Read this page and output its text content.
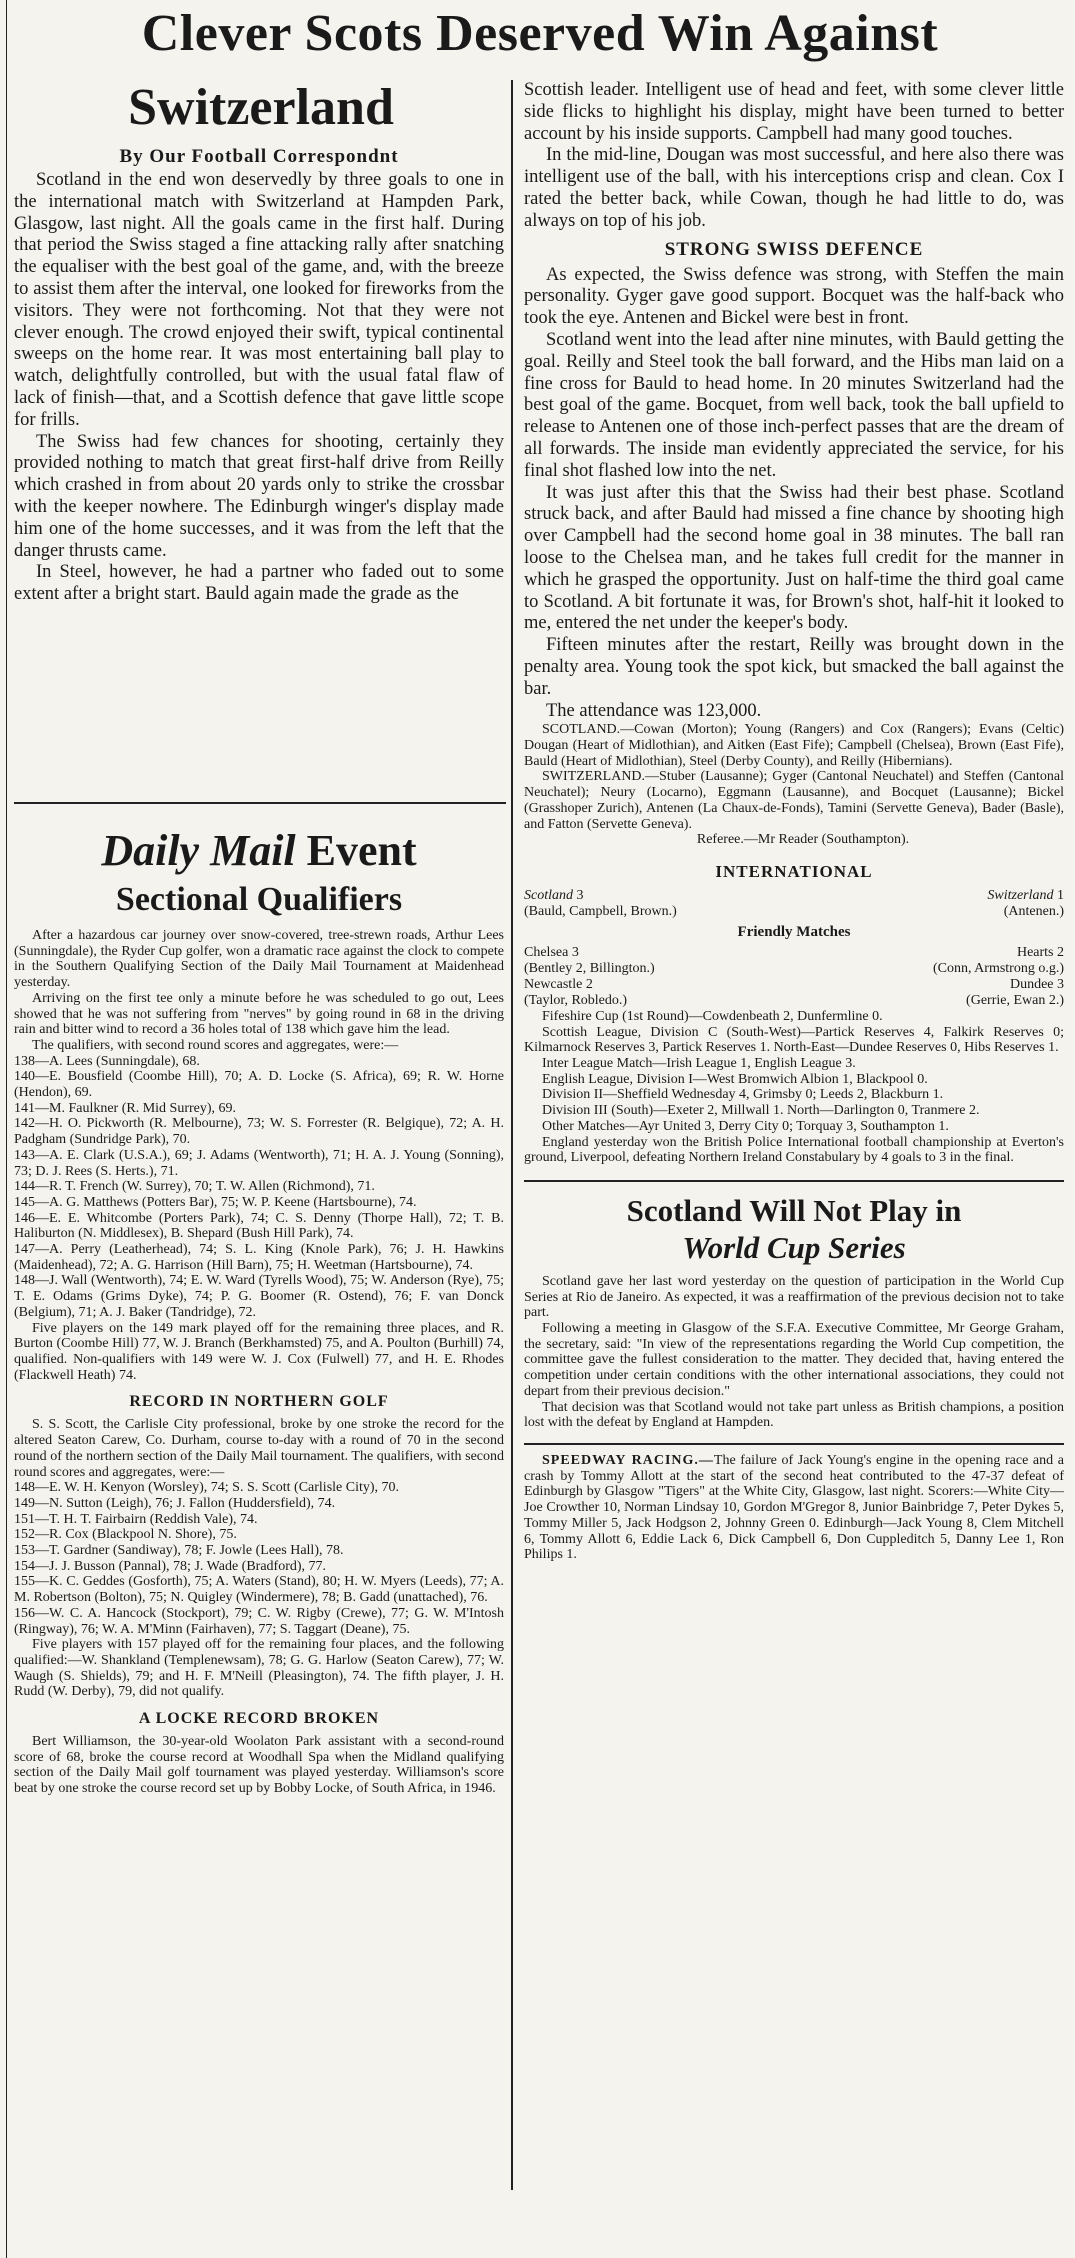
Clever Scots Deserved Win Against
Switzerland

By Our Football Correspondnt

Scotland in the end won deservedly by three goals to one in the international match with Switzerland at Hampden Park, Glasgow, last night. All the goals came in the first half. During that period the Swiss staged a fine attacking rally after snatching the equaliser with the best goal of the game, and, with the breeze to assist them after the interval, one looked for fireworks from the visitors. They were not forthcoming. Not that they were not clever enough. The crowd enjoyed their swift, typical continental sweeps on the home rear. It was most entertaining ball play to watch, delightfully controlled, but with the usual fatal flaw of lack of finish—that, and a Scottish defence that gave little scope for frills.

The Swiss had few chances for shooting, certainly they provided nothing to match that great first-half drive from Reilly which crashed in from about 20 yards only to strike the crossbar with the keeper nowhere. The Edinburgh winger's display made him one of the home successes, and it was from the left that the danger thrusts came.

In Steel, however, he had a partner who faded out to some extent after a bright start. Bauld again made the grade as the

Daily Mail Event

Sectional Qualifiers

After a hazardous car journey over snow-covered, tree-strewn roads, Arthur Lees (Sunningdale), the Ryder Cup golfer, won a dramatic race against the clock to compete in the Southern Qualifying Section of the Daily Mail Tournament at Maidenhead yesterday.

Arriving on the first tee only a minute before he was scheduled to go out, Lees showed that he was not suffering from "nerves" by going round in 68 in the driving rain and bitter wind to record a 36 holes total of 138 which gave him the lead.

The qualifiers, with second round scores and aggregates, were:—

138—A. Lees (Sunningdale), 68.

140—E. Bousfield (Coombe Hill), 70; A. D. Locke (S. Africa), 69; R. W. Horne (Hendon), 69.

141—M. Faulkner (R. Mid Surrey), 69.

142—H. O. Pickworth (R. Melbourne), 73; W. S. Forrester (R. Belgique), 72; A. H. Padgham (Sundridge Park), 70.

143—A. E. Clark (U.S.A.), 69; J. Adams (Wentworth), 71; H. A. J. Young (Sonning), 73; D. J. Rees (S. Herts.), 71.

144—R. T. French (W. Surrey), 70; T. W. Allen (Richmond), 71.

145—A. G. Matthews (Potters Bar), 75; W. P. Keene (Hartsbourne), 74.

146—E. E. Whitcombe (Porters Park), 74; C. S. Denny (Thorpe Hall), 72; T. B. Haliburton (N. Middlesex), B. Shepard (Bush Hill Park), 74.

147—A. Perry (Leatherhead), 74; S. L. King (Knole Park), 76; J. H. Hawkins (Maidenhead), 72; A. G. Harrison (Hill Barn), 75; H. Weetman (Hartsbourne), 74.

148—J. Wall (Wentworth), 74; E. W. Ward (Tyrells Wood), 75; W. Anderson (Rye), 75; T. E. Odams (Grims Dyke), 74; P. G. Boomer (R. Ostend), 76; F. van Donck (Belgium), 71; A. J. Baker (Tandridge), 72.

Five players on the 149 mark played off for the remaining three places, and R. Burton (Coombe Hill) 77, W. J. Branch (Berkhamsted) 75, and A. Poulton (Burhill) 74, qualified. Non-qualifiers with 149 were W. J. Cox (Fulwell) 77, and H. E. Rhodes (Flackwell Heath) 74.

RECORD IN NORTHERN GOLF

S. S. Scott, the Carlisle City professional, broke by one stroke the record for the altered Seaton Carew, Co. Durham, course to-day with a round of 70 in the second round of the northern section of the Daily Mail tournament. The qualifiers, with second round scores and aggregates, were:—

148—E. W. H. Kenyon (Worsley), 74; S. S. Scott (Carlisle City), 70.

149—N. Sutton (Leigh), 76; J. Fallon (Huddersfield), 74.

151—T. H. T. Fairbairn (Reddish Vale), 74.

152—R. Cox (Blackpool N. Shore), 75.

153—T. Gardner (Sandiway), 78; F. Jowle (Lees Hall), 78.

154—J. J. Busson (Pannal), 78; J. Wade (Bradford), 77.

155—K. C. Geddes (Gosforth), 75; A. Waters (Stand), 80; H. W. Myers (Leeds), 77; A. M. Robertson (Bolton), 75; N. Quigley (Windermere), 78; B. Gadd (unattached), 76.

156—W. C. A. Hancock (Stockport), 79; C. W. Rigby (Crewe), 77; G. W. M'Intosh (Ringway), 76; W. A. M'Minn (Fairhaven), 77; S. Taggart (Deane), 75.

Five players with 157 played off for the remaining four places, and the following qualified:—W. Shankland (Templenewsam), 78; G. G. Harlow (Seaton Carew), 77; W. Waugh (S. Shields), 79; and H. F. M'Neill (Pleasington), 74. The fifth player, J. H. Rudd (W. Derby), 79, did not qualify.

A LOCKE RECORD BROKEN

Bert Williamson, the 30-year-old Woolaton Park assistant with a second-round score of 68, broke the course record at Woodhall Spa when the Midland qualifying section of the Daily Mail golf tournament was played yesterday. Williamson's score beat by one stroke the course record set up by Bobby Locke, of South Africa, in 1946.

Scottish leader. Intelligent use of head and feet, with some clever little side flicks to highlight his display, might have been turned to better account by his inside supports. Campbell had many good touches.

In the mid-line, Dougan was most successful, and here also there was intelligent use of the ball, with his interceptions crisp and clean. Cox I rated the better back, while Cowan, though he had little to do, was always on top of his job.

STRONG SWISS DEFENCE

As expected, the Swiss defence was strong, with Steffen the main personality. Gyger gave good support. Bocquet was the half-back who took the eye. Antenen and Bickel were best in front.

Scotland went into the lead after nine minutes, with Bauld getting the goal. Reilly and Steel took the ball forward, and the Hibs man laid on a fine cross for Bauld to head home. In 20 minutes Switzerland had the best goal of the game. Bocquet, from well back, took the ball upfield to release to Antenen one of those inch-perfect passes that are the dream of all forwards. The inside man evidently appreciated the service, for his final shot flashed low into the net.

It was just after this that the Swiss had their best phase. Scotland struck back, and after Bauld had missed a fine chance by shooting high over Campbell had the second home goal in 38 minutes. The ball ran loose to the Chelsea man, and he takes full credit for the manner in which he grasped the opportunity. Just on half-time the third goal came to Scotland. A bit fortunate it was, for Brown's shot, half-hit it looked to me, entered the net under the keeper's body.

Fifteen minutes after the restart, Reilly was brought down in the penalty area. Young took the spot kick, but smacked the ball against the bar.

The attendance was 123,000.

SCOTLAND.—Cowan (Morton); Young (Rangers) and Cox (Rangers); Evans (Celtic) Dougan (Heart of Midlothian), and Aitken (East Fife); Campbell (Chelsea), Brown (East Fife), Bauld (Heart of Midlothian), Steel (Derby County), and Reilly (Hibernians).

SWITZERLAND.—Stuber (Lausanne); Gyger (Cantonal Neuchatel) and Steffen (Cantonal Neuchatel); Neury (Locarno), Eggmann (Lausanne), and Bocquet (Lausanne); Bickel (Grasshoper Zurich), Antenen (La Chaux-de-Fonds), Tamini (Servette Geneva), Bader (Basle), and Fatton (Servette Geneva).

Referee.—Mr Reader (Southampton).

INTERNATIONAL

Scotland 3	Switzerland 1
(Bauld, Campbell, Brown.)	(Antenen.)

Friendly Matches

Chelsea 3	Hearts 2
(Bentley 2, Billington.)	(Conn, Armstrong o.g.)
Newcastle 2	Dundee 3
(Taylor, Robledo.)	(Gerrie, Ewan 2.)

Fifeshire Cup (1st Round)—Cowdenbeath 2, Dunfermline 0.

Scottish League, Division C (South-West)—Partick Reserves 4, Falkirk Reserves 0; Kilmarnock Reserves 3, Partick Reserves 1. North-East—Dundee Reserves 0, Hibs Reserves 1.

Inter League Match—Irish League 1, English League 3.

English League, Division I—West Bromwich Albion 1, Blackpool 0.

Division II—Sheffield Wednesday 4, Grimsby 0; Leeds 2, Blackburn 1.

Division III (South)—Exeter 2, Millwall 1. North—Darlington 0, Tranmere 2.

Other Matches—Ayr United 3, Derry City 0; Torquay 3, Southampton 1.

England yesterday won the British Police International football championship at Everton's ground, Liverpool, defeating Northern Ireland Constabulary by 4 goals to 3 in the final.

Scotland Will Not Play in
World Cup Series

Scotland gave her last word yesterday on the question of participation in the World Cup Series at Rio de Janeiro. As expected, it was a reaffirmation of the previous decision not to take part.

Following a meeting in Glasgow of the S.F.A. Executive Committee, Mr George Graham, the secretary, said: "In view of the representations regarding the World Cup competition, the committee gave the fullest consideration to the matter. They decided that, having entered the competition under certain conditions with the other international associations, they could not depart from their previous decision."

That decision was that Scotland would not take part unless as British champions, a position lost with the defeat by England at Hampden.

SPEEDWAY RACING.—The failure of Jack Young's engine in the opening race and a crash by Tommy Allott at the start of the second heat contributed to the 47-37 defeat of Edinburgh by Glasgow "Tigers" at the White City, Glasgow, last night. Scorers:—White City—Joe Crowther 10, Norman Lindsay 10, Gordon M'Gregor 8, Junior Bainbridge 7, Peter Dykes 5, Tommy Miller 5, Jack Hodgson 2, Johnny Green 0. Edinburgh—Jack Young 8, Clem Mitchell 6, Tommy Allott 6, Eddie Lack 6, Dick Campbell 6, Don Cuppleditch 5, Danny Lee 1, Ron Philips 1.
